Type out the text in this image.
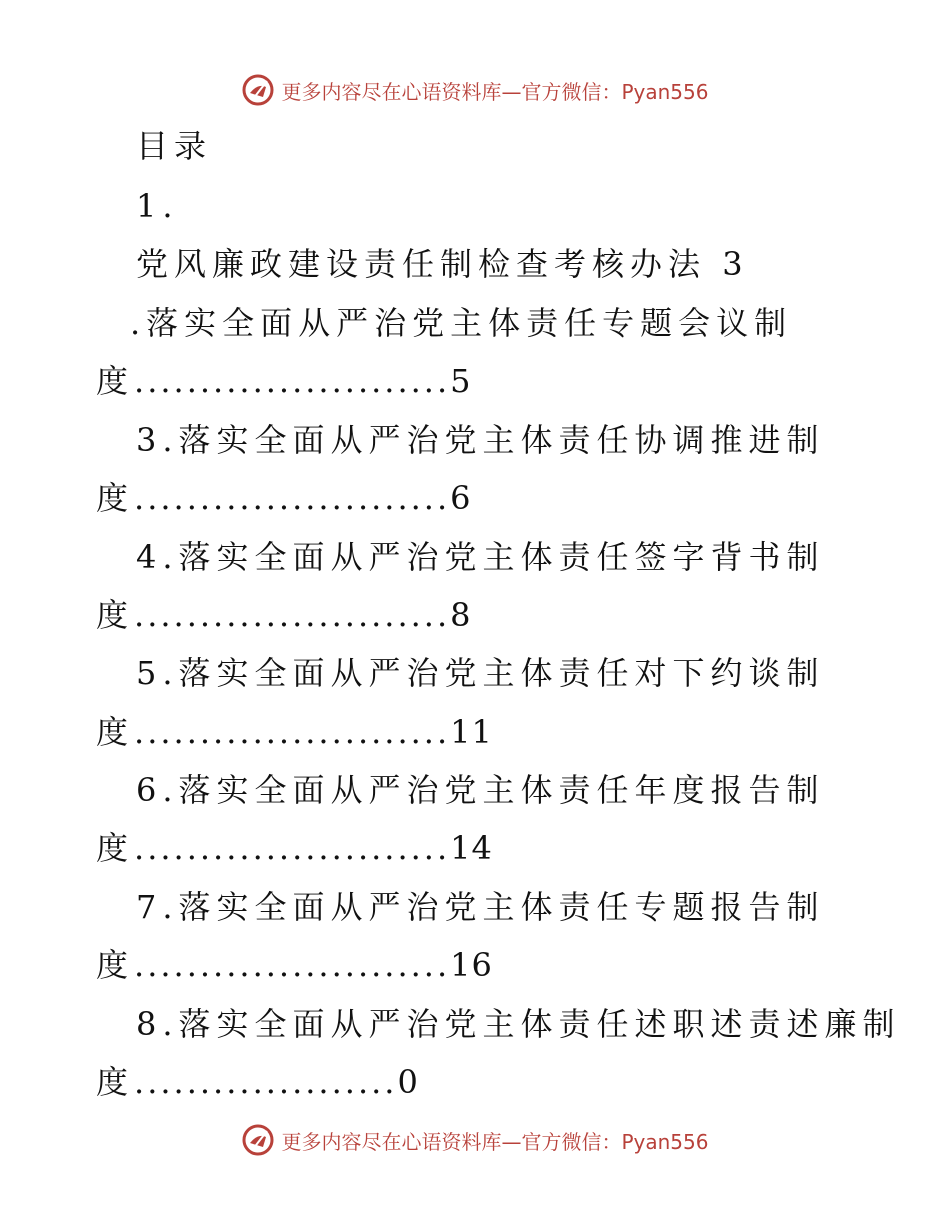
更多内容尽在心语资料库—官方微信：Pyan556
目录
1.
党风廉政建设责任制检查考核办法 3
.落实全面从严治党主体责任专题会议制
度........................5
3.落实全面从严治党主体责任协调推进制
度........................6
4.落实全面从严治党主体责任签字背书制
度........................8
5.落实全面从严治党主体责任对下约谈制
度........................11
6.落实全面从严治党主体责任年度报告制
度........................14
7.落实全面从严治党主体责任专题报告制
度........................16
8.落实全面从严治党主体责任述职述责述廉制
度....................0
更多内容尽在心语资料库—官方微信：Pyan556
